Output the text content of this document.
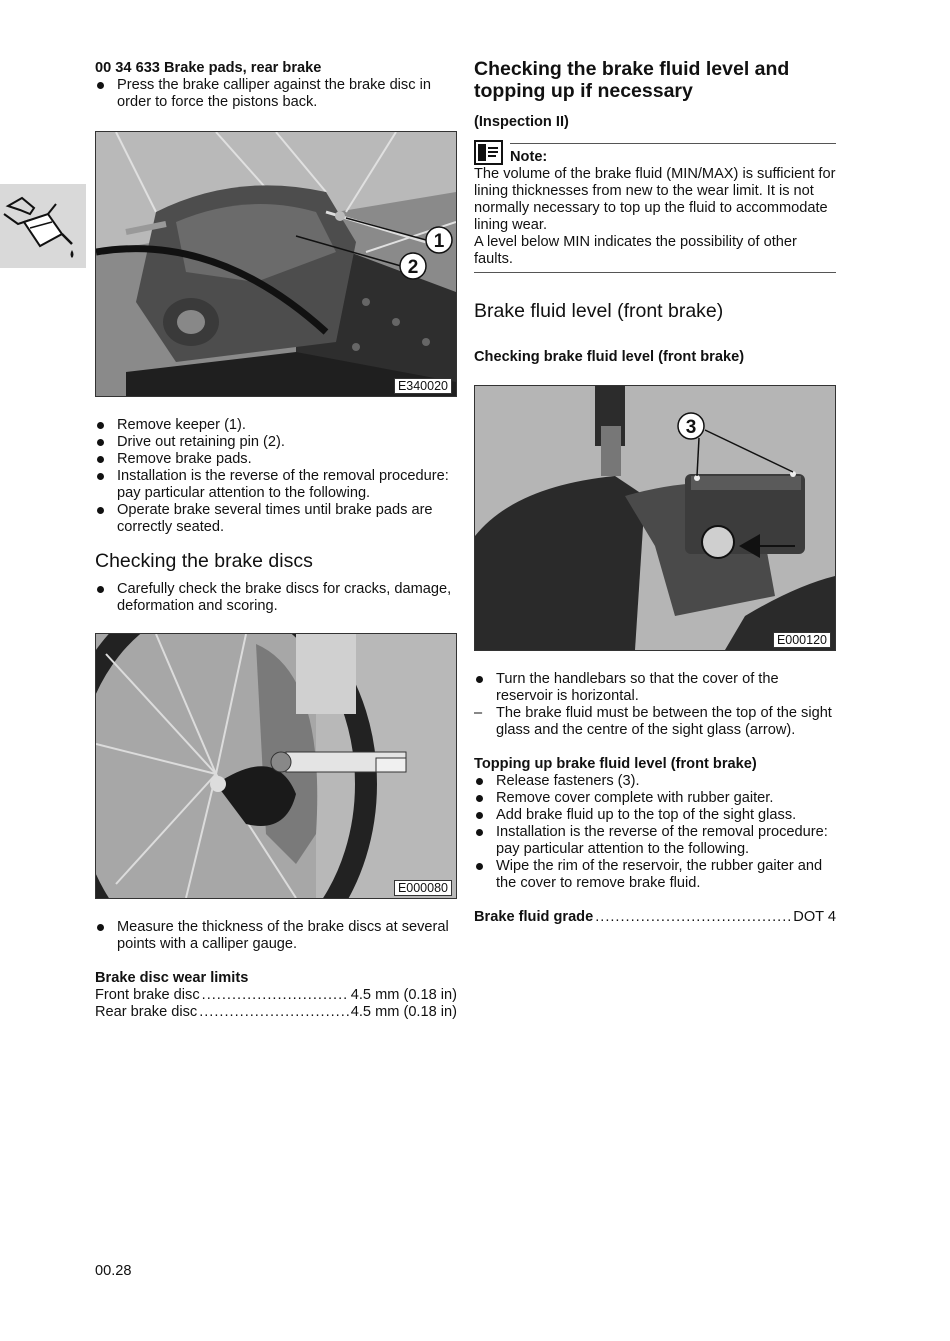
00 34 633 Brake pads, rear brake
Press the brake calliper against the brake disc in order to force the pistons back.
1
2
E340020
Remove keeper (1).
Drive out retaining pin (2).
Remove brake pads.
Installation is the reverse of the removal procedure: pay particular attention to the following.
Operate brake several times until brake pads are correctly seated.
Checking the brake discs
Carefully check the brake discs for cracks, damage, deformation and scoring.
E000080
Measure the thickness of the brake discs at several points with a calliper gauge.
Brake disc wear limits
Front brake disc .....	4.5 mm (0.18 in)
Rear brake disc .....	4.5 mm (0.18 in)
Checking the brake fluid level and
topping up if necessary
(Inspection II)
Note:
The volume of the brake fluid (MIN/MAX) is sufficient for lining thicknesses from new to the wear limit. It is not normally necessary to top up the fluid to accommodate lining wear.
A level below MIN indicates the possibility of other faults.
Brake fluid level (front brake)
Checking brake fluid level (front brake)
3
E000120
Turn the handlebars so that the cover of the reservoir is horizontal.
– The brake fluid must be between the top of the sight glass and the centre of the sight glass (arrow).
Topping up brake fluid level (front brake)
Release fasteners (3).
Remove cover complete with rubber gaiter.
Add brake fluid up to the top of the sight glass.
Installation is the reverse of the removal procedure: pay particular attention to the following.
Wipe the rim of the reservoir, the rubber gaiter and the cover to remove brake fluid.
Brake fluid grade .....	DOT 4
00.28
